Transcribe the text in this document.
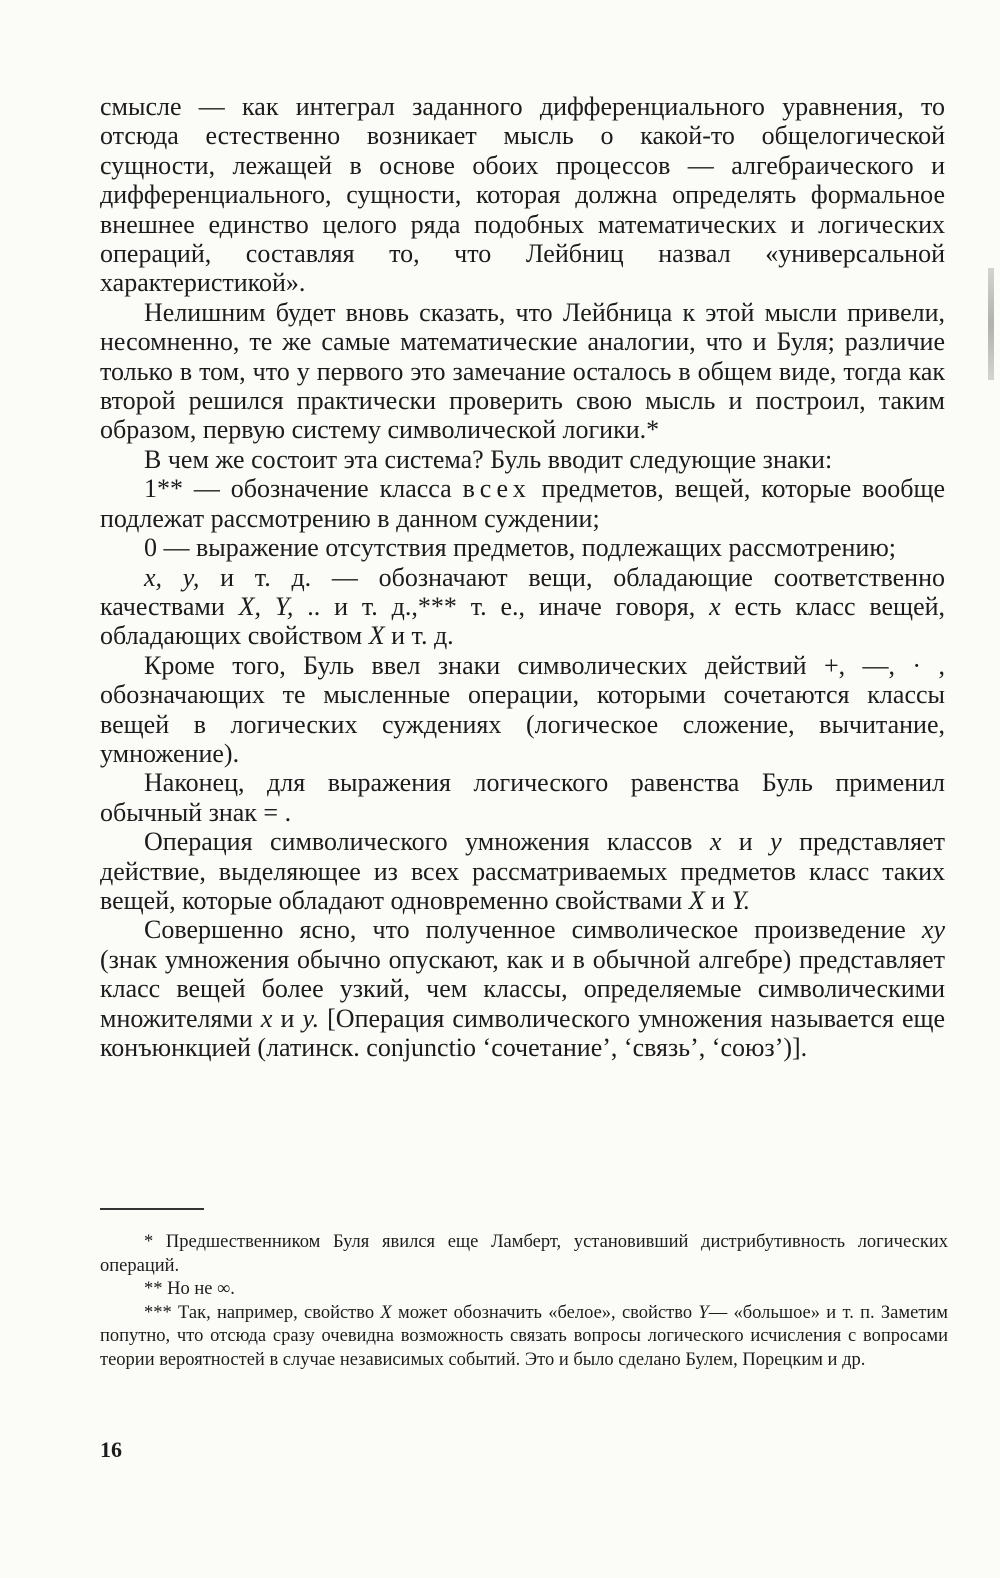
смысле — как интеграл заданного дифференциального уравнения, то отсюда естественно возникает мысль о какой-то общелогической сущности, лежащей в основе обоих процессов — алгебраического и дифференциального, сущности, которая должна определять формальное внешнее единство целого ряда подобных математических и логических операций, составляя то, что Лейбниц назвал «универсальной характеристикой».

Нелишним будет вновь сказать, что Лейбница к этой мысли привели, несомненно, те же самые математические аналогии, что и Буля; различие только в том, что у первого это замечание осталось в общем виде, тогда как второй решился практически проверить свою мысль и построил, таким образом, первую систему символической логики.*

В чем же состоит эта система? Буль вводит следующие знаки:

1** — обозначение класса всех предметов, вещей, которые вообще подлежат рассмотрению в данном суждении;

0 — выражение отсутствия предметов, подлежащих рассмотрению;

x, y, и т. д. — обозначают вещи, обладающие соответственно качествами X, Y, .. и т. д.,*** т. е., иначе говоря, x есть класс вещей, обладающих свойством X и т. д.

Кроме того, Буль ввел знаки символических действий +, —, · , обозначающих те мысленные операции, которыми сочетаются классы вещей в логических суждениях (логическое сложение, вычитание, умножение).

Наконец, для выражения логического равенства Буль применил обычный знак = .

Операция символического умножения классов x и y представляет действие, выделяющее из всех рассматриваемых предметов класс таких вещей, которые обладают одновременно свойствами X и Y.

Совершенно ясно, что полученное символическое произведение xy (знак умножения обычно опускают, как и в обычной алгебре) представляет класс вещей более узкий, чем классы, определяемые символическими множителями x и y. [Операция символического умножения называется еще конъюнкцией (латинск. conjunctio ‘сочетание’, ‘связь’, ‘союз’)].

* Предшественником Буля явился еще Ламберт, установивший дистрибутивность логических операций.

** Но не ∞.

*** Так, например, свойство X может обозначить «белое», свойство Y— «большое» и т. п. Заметим попутно, что отсюда сразу очевидна возможность связать вопросы логического исчисления с вопросами теории вероятностей в случае независимых событий. Это и было сделано Булем, Порецким и др.

16
